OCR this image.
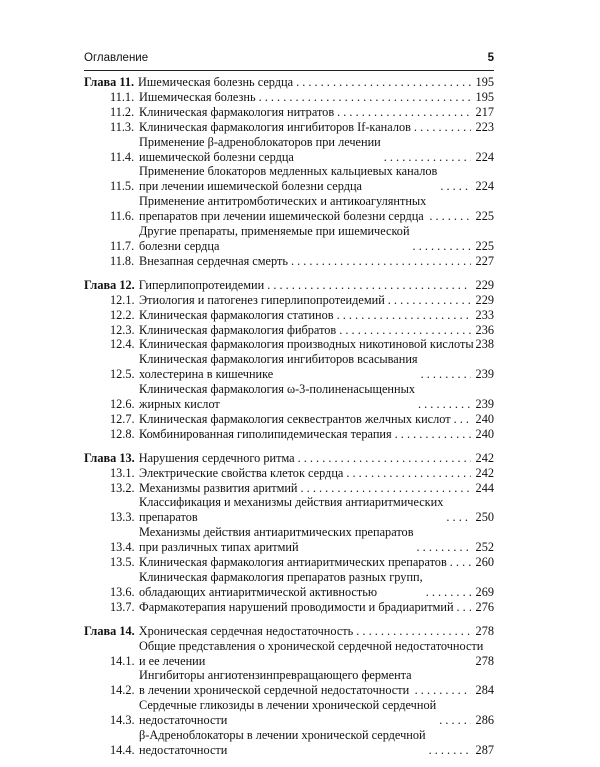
Оглавление	5
Глава 11. Ишемическая болезнь сердца . . .	195
11.1. Ишемическая болезнь . . .	195
11.2. Клиническая фармакология нитратов . . .	217
11.3. Клиническая фармакология ингибиторов If-каналов . . .	223
11.4.
Применение β-адреноблокаторов при лечении
ишемической болезни сердца . . .	224
11.5.
Применение блокаторов медленных кальциевых каналов
при лечении ишемической болезни сердца . . .	224
11.6.
Применение антитромботических и антикоагулянтных
препаратов при лечении ишемической болезни сердца . . .	225
11.7.
Другие препараты, применяемые при ишемической
болезни сердца . . .	225
11.8. Внезапная сердечная смерть . . .	227
Глава 12. Гиперлипопротеидемии . . .	229
12.1. Этиология и патогенез гиперлипопротеидемий . . .	229
12.2. Клиническая фармакология статинов . . .	233
12.3. Клиническая фармакология фибратов . . .	236
12.4. Клиническая фармакология производных никотиновой кислоты 238
12.5.
Клиническая фармакология ингибиторов всасывания
холестерина в кишечнике . . .	239
12.6.
Клиническая фармакология ω-3-полиненасыщенных
жирных кислот . . .	239
12.7. Клиническая фармакология секвестрантов желчных кислот . . . 240
12.8. Комбинированная гиполипидемическая терапия . . .	240
Глава 13. Нарушения сердечного ритма . . .	242
13.1. Электрические свойства клеток сердца . . .	242
13.2. Механизмы развития аритмий . . .	244
13.3.
Классификация и механизмы действия антиаритмических
препаратов . . .	250
13.4.
Механизмы действия антиаритмических препаратов
при различных типах аритмий . . .	252
13.5. Клиническая фармакология антиаритмических препаратов . . . 260
13.6.
Клиническая фармакология препаратов разных групп,
обладающих антиаритмической активностью . . .	269
13.7. Фармакотерапия нарушений проводимости и брадиаритмий . . . 276
Глава 14. Хроническая сердечная недостаточность . . .	278
14.1.
Общие представления о хронической сердечной недостаточности
и ее лечении	278
14.2.
Ингибиторы ангиотензинпревращающего фермента
в лечении хронической сердечной недостаточности . . .	284
14.3.
Сердечные гликозиды в лечении хронической сердечной
недостаточности . . .	286
14.4.
β-Адреноблокаторы в лечении хронической сердечной
недостаточности . . .	287
